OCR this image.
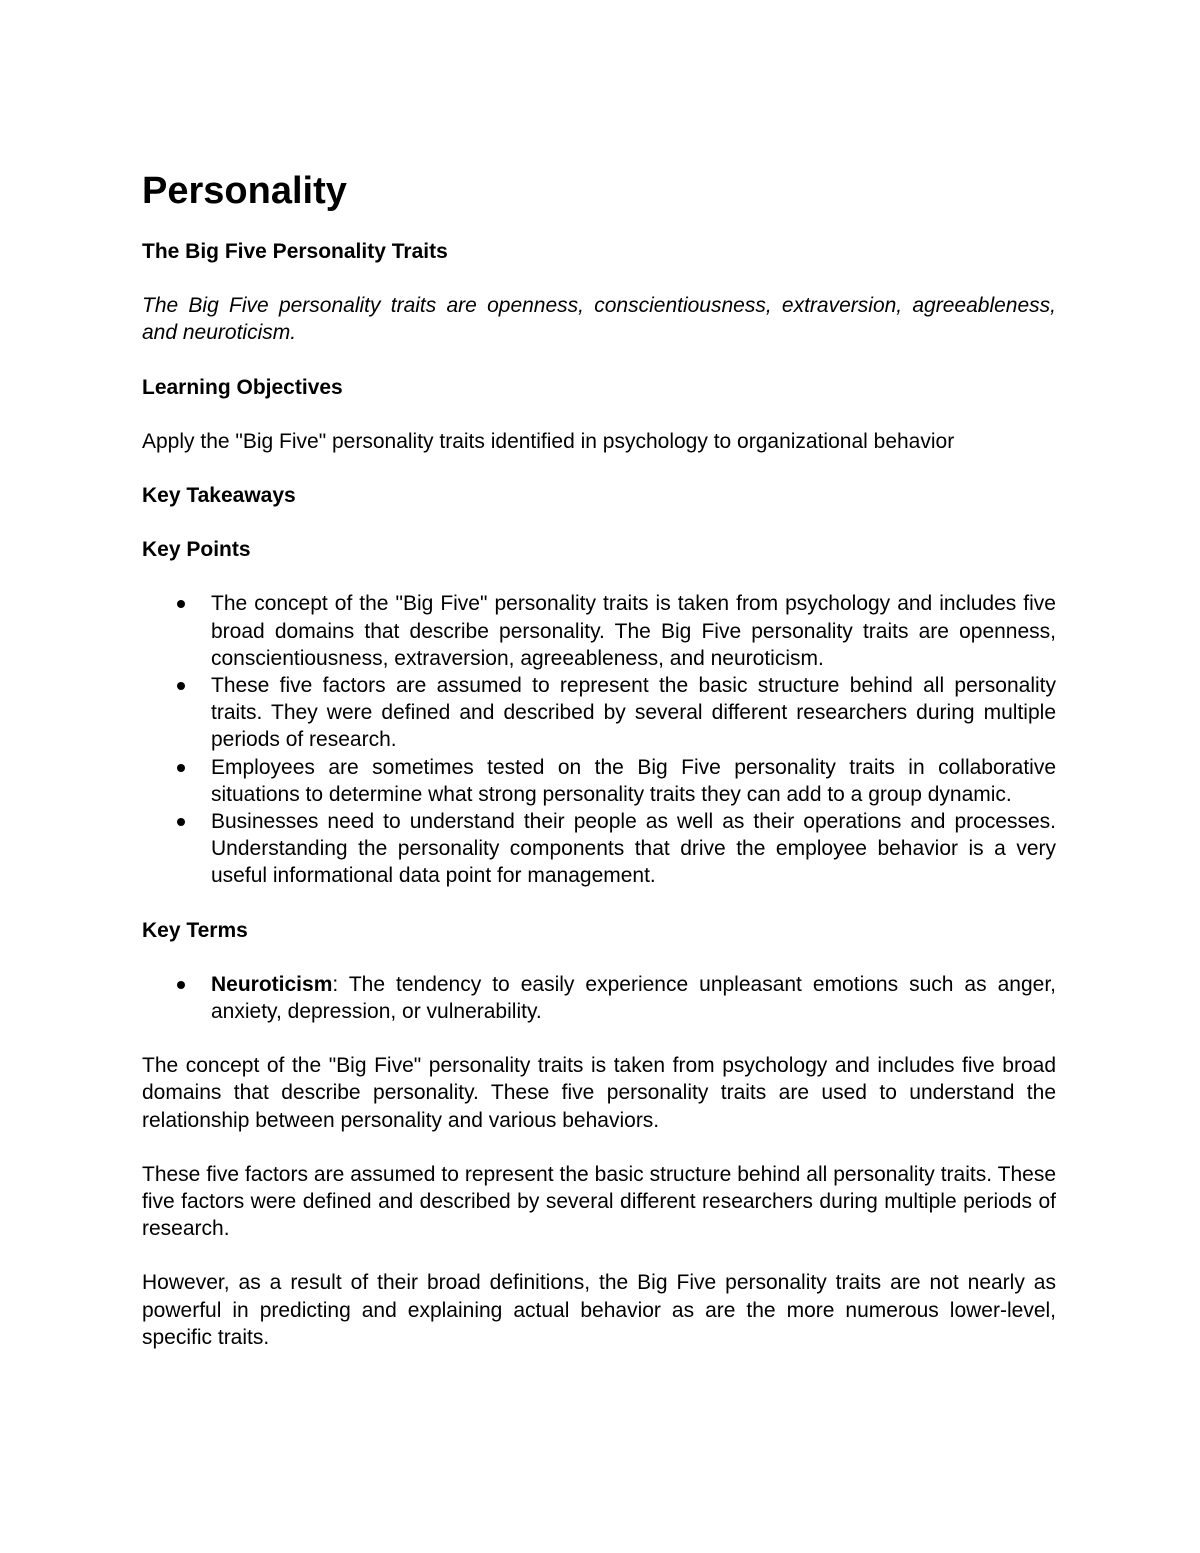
Personality
The Big Five Personality Traits

The Big Five personality traits are openness, conscientiousness, extraversion, agreeableness, and neuroticism.

Learning Objectives

Apply the "Big Five" personality traits identified in psychology to organizational behavior

Key Takeaways
Key Points
The concept of the "Big Five" personality traits is taken from psychology and includes five broad domains that describe personality. The Big Five personality traits are openness, conscientiousness, extraversion, agreeableness, and neuroticism.
These five factors are assumed to represent the basic structure behind all personality traits. They were defined and described by several different researchers during multiple periods of research.
Employees are sometimes tested on the Big Five personality traits in collaborative situations to determine what strong personality traits they can add to a group dynamic.
Businesses need to understand their people as well as their operations and processes. Understanding the personality components that drive the employee behavior is a very useful informational data point for management.
Key Terms
Neuroticism: The tendency to easily experience unpleasant emotions such as anger, anxiety, depression, or vulnerability.

The concept of the "Big Five" personality traits is taken from psychology and includes five broad domains that describe personality. These five personality traits are used to understand the relationship between personality and various behaviors.

These five factors are assumed to represent the basic structure behind all personality traits. These five factors were defined and described by several different researchers during multiple periods of research.

However, as a result of their broad definitions, the Big Five personality traits are not nearly as powerful in predicting and explaining actual behavior as are the more numerous lower-level, specific traits.
